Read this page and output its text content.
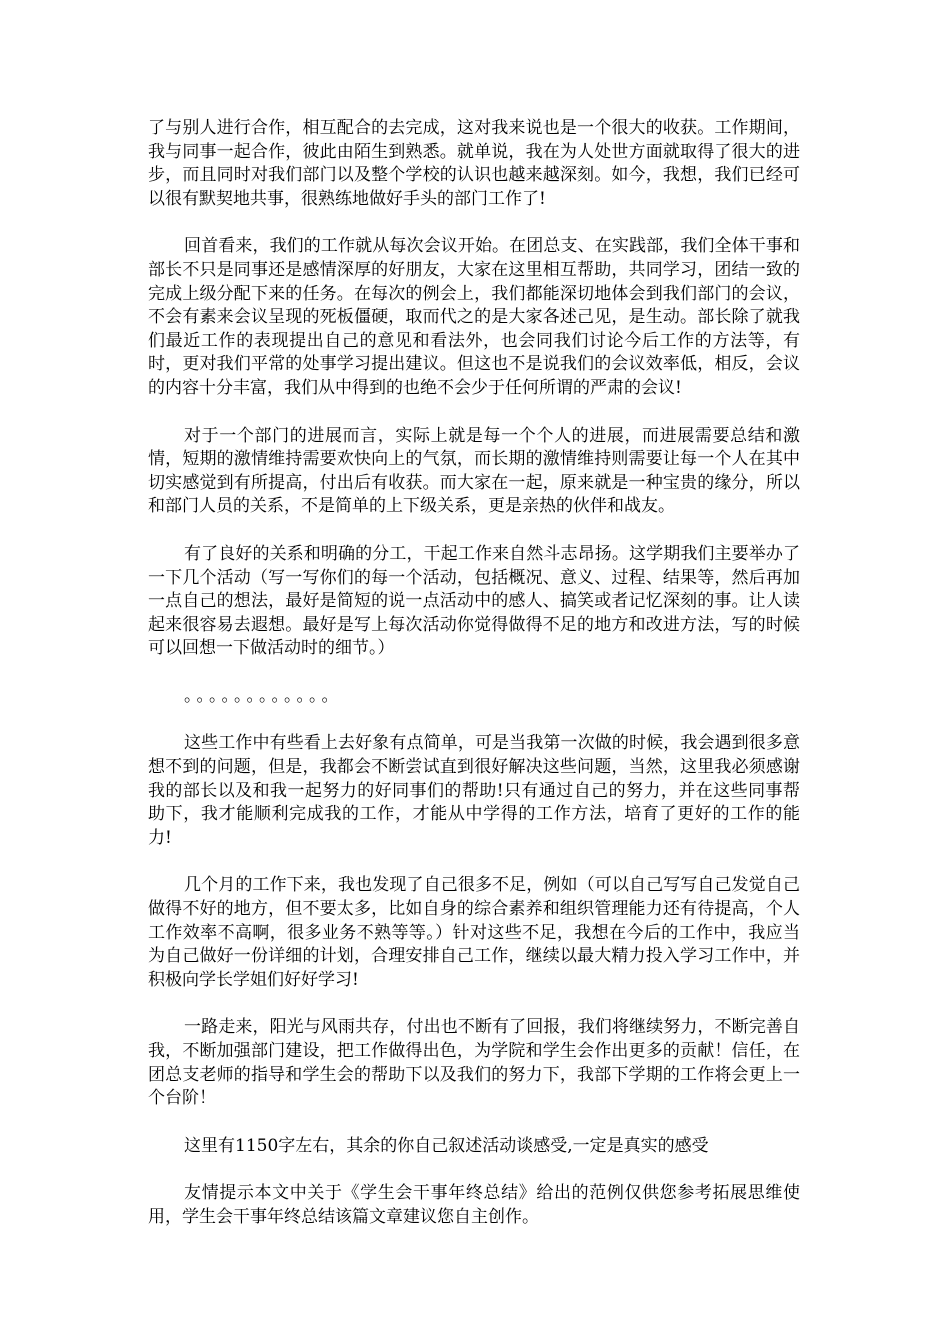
了与别人进行合作，相互配合的去完成，这对我来说也是一个很大的收获。工作期间，我与同事一起合作，彼此由陌生到熟悉。就单说，我在为人处世方面就取得了很大的进步，而且同时对我们部门以及整个学校的认识也越来越深刻。如今，我想，我们已经可以很有默契地共事，很熟练地做好手头的部门工作了!

回首看来，我们的工作就从每次会议开始。在团总支、在实践部，我们全体干事和部长不只是同事还是感情深厚的好朋友，大家在这里相互帮助，共同学习，团结一致的完成上级分配下来的任务。在每次的例会上，我们都能深切地体会到我们部门的会议，不会有素来会议呈现的死板僵硬，取而代之的是大家各述己见，是生动。部长除了就我们最近工作的表现提出自己的意见和看法外，也会同我们讨论今后工作的方法等，有时，更对我们平常的处事学习提出建议。但这也不是说我们的会议效率低，相反，会议的内容十分丰富，我们从中得到的也绝不会少于任何所谓的严肃的会议!

对于一个部门的进展而言，实际上就是每一个个人的进展，而进展需要总结和激情，短期的激情维持需要欢快向上的气氛，而长期的激情维持则需要让每一个人在其中切实感觉到有所提高，付出后有收获。而大家在一起，原来就是一种宝贵的缘分，所以和部门人员的关系，不是简单的上下级关系，更是亲热的伙伴和战友。

有了良好的关系和明确的分工，干起工作来自然斗志昂扬。这学期我们主要举办了一下几个活动（写一写你们的每一个活动，包括概况、意义、过程、结果等，然后再加一点自己的想法，最好是简短的说一点活动中的感人、搞笑或者记忆深刻的事。让人读起来很容易去遐想。最好是写上每次活动你觉得做得不足的地方和改进方法，写的时候可以回想一下做活动时的细节。）

。。。。。。。。。。。。

这些工作中有些看上去好象有点简单，可是当我第一次做的时候，我会遇到很多意想不到的问题，但是，我都会不断尝试直到很好解决这些问题，当然，这里我必须感谢我的部长以及和我一起努力的好同事们的帮助!只有通过自己的努力，并在这些同事帮助下，我才能顺利完成我的工作，才能从中学得的工作方法，培育了更好的工作的能力!

几个月的工作下来，我也发现了自己很多不足，例如（可以自己写写自己发觉自己做得不好的地方，但不要太多，比如自身的综合素养和组织管理能力还有待提高，个人工作效率不高啊，很多业务不熟等等。）针对这些不足，我想在今后的工作中，我应当为自己做好一份详细的计划，合理安排自己工作，继续以最大精力投入学习工作中，并积极向学长学姐们好好学习!

一路走来，阳光与风雨共存，付出也不断有了回报，我们将继续努力，不断完善自我，不断加强部门建设，把工作做得出色，为学院和学生会作出更多的贡献！信任，在团总支老师的指导和学生会的帮助下以及我们的努力下，我部下学期的工作将会更上一个台阶！

这里有1150字左右，其余的你自己叙述活动谈感受,一定是真实的感受

友情提示本文中关于《学生会干事年终总结》给出的范例仅供您参考拓展思维使用，学生会干事年终总结该篇文章建议您自主创作。
